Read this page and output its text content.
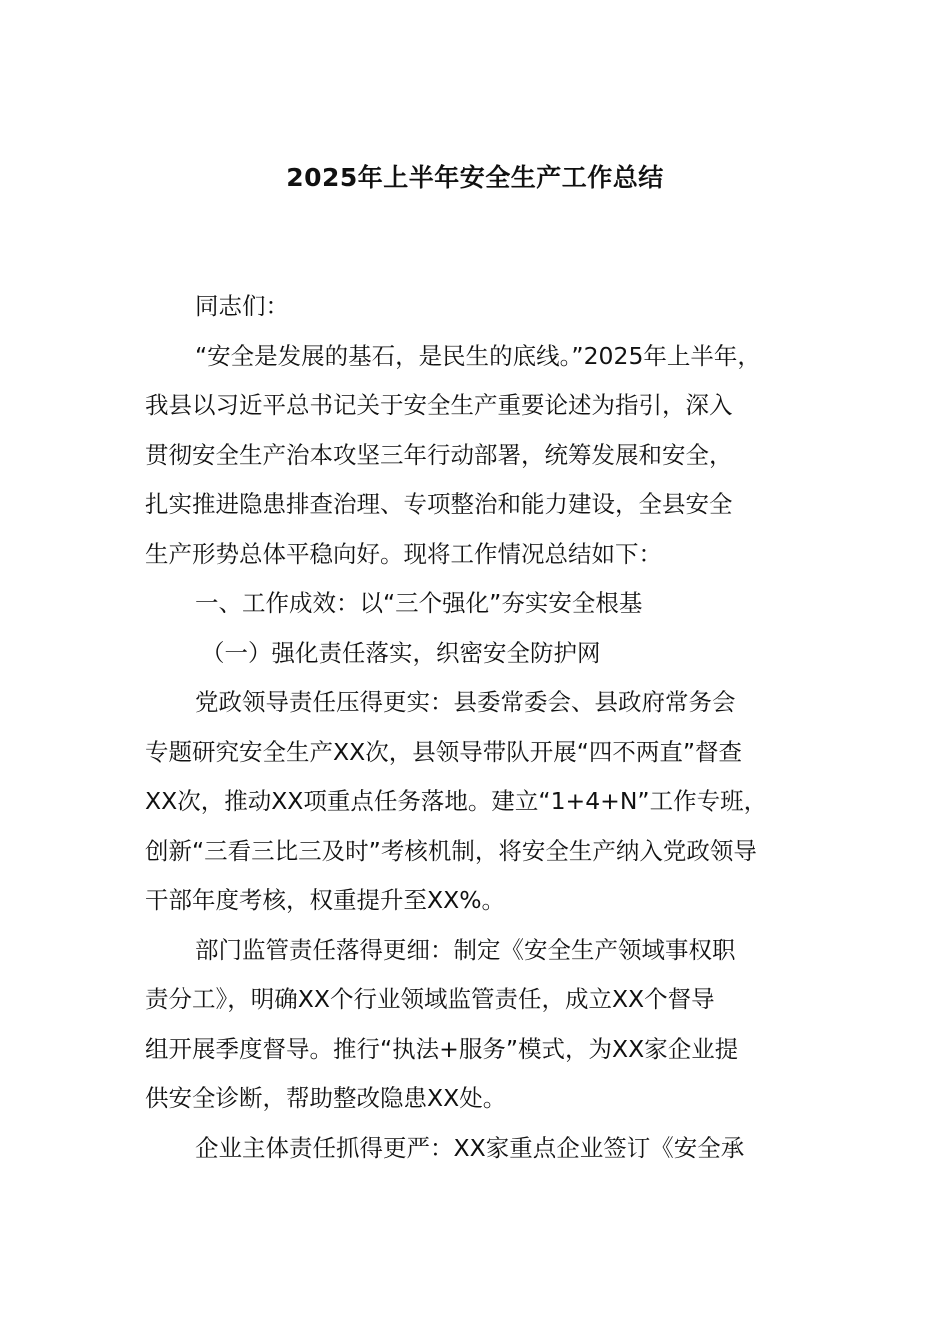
2025年上半年安全生产工作总结
同志们：
“安全是发展的基石，是民生的底线。”2025年上半年，
我县以习近平总书记关于安全生产重要论述为指引，深入
贯彻安全生产治本攻坚三年行动部署，统筹发展和安全，
扎实推进隐患排查治理、专项整治和能力建设，全县安全
生产形势总体平稳向好。现将工作情况总结如下：
一、工作成效：以“三个强化”夯实安全根基
（一）强化责任落实，织密安全防护网
党政领导责任压得更实：县委常委会、县政府常务会
专题研究安全生产XX次，县领导带队开展“四不两直”督查
XX次，推动XX项重点任务落地。建立“1+4+N”工作专班，
创新“三看三比三及时”考核机制，将安全生产纳入党政领导
干部年度考核，权重提升至XX%。
部门监管责任落得更细：制定《安全生产领域事权职
责分工》，明确XX个行业领域监管责任，成立XX个督导
组开展季度督导。推行“执法+服务”模式，为XX家企业提
供安全诊断，帮助整改隐患XX处。
企业主体责任抓得更严：XX家重点企业签订《安全承
